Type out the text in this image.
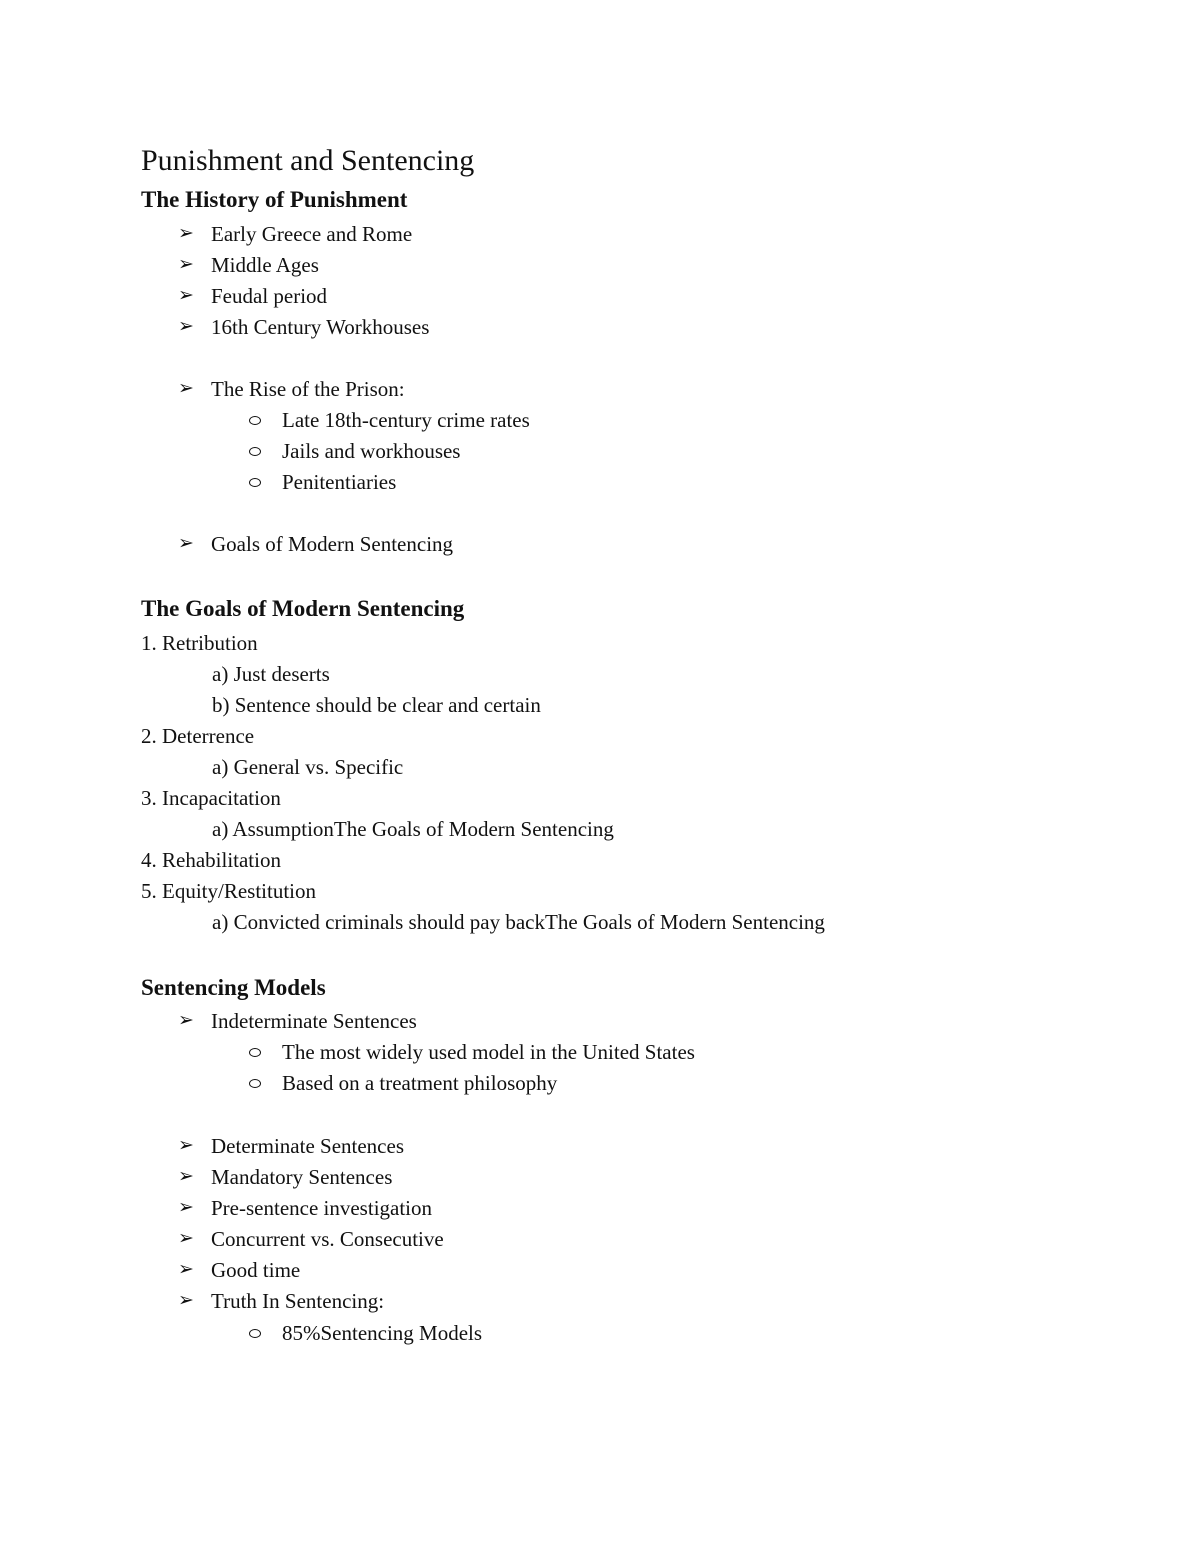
Punishment and Sentencing
The History of Punishment
➢ Early Greece and Rome
➢ Middle Ages
➢ Feudal period
➢ 16th Century Workhouses
➢ The Rise of the Prison:
Late 18th-century crime rates
Jails and workhouses
Penitentiaries
➢ Goals of Modern Sentencing
The Goals of Modern Sentencing
1. Retribution
a) Just deserts
b) Sentence should be clear and certain
2. Deterrence
a) General vs. Specific
3. Incapacitation
a) AssumptionThe Goals of Modern Sentencing
4. Rehabilitation
5. Equity/Restitution
a) Convicted criminals should pay backThe Goals of Modern Sentencing
Sentencing Models
➢ Indeterminate Sentences
The most widely used model in the United States
Based on a treatment philosophy
➢ Determinate Sentences
➢ Mandatory Sentences
➢ Pre-sentence investigation
➢ Concurrent vs. Consecutive
➢ Good time
➢ Truth In Sentencing:
85%Sentencing Models
